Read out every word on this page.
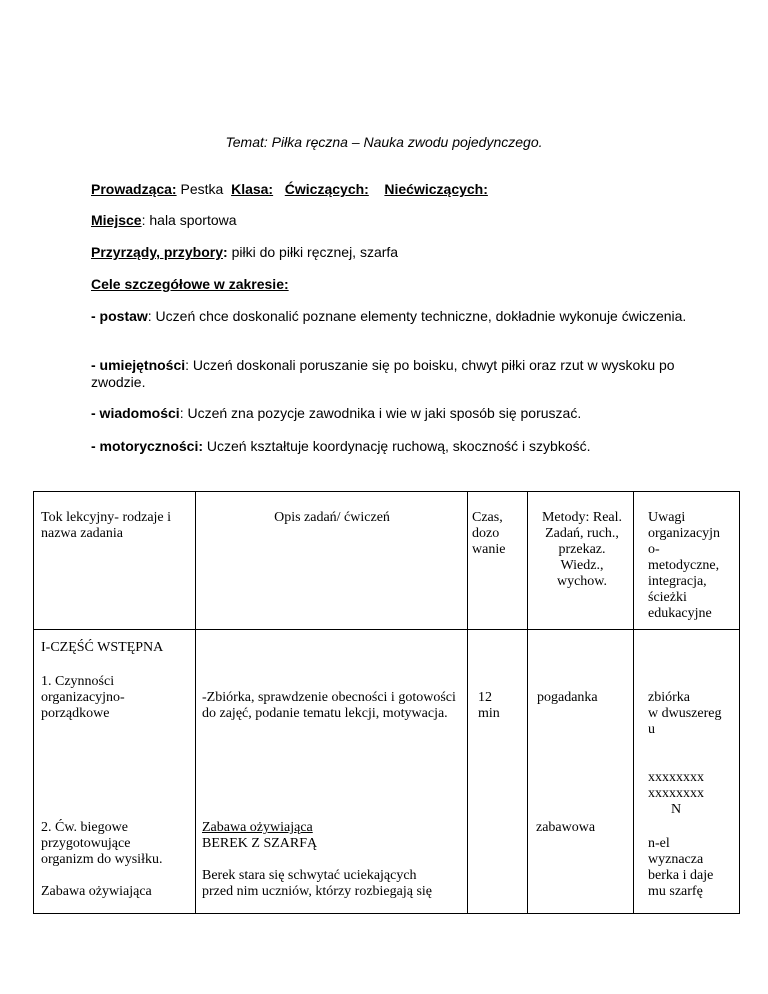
Temat: Piłka ręczna – Nauka zwodu pojedynczego.
Prowadząca: Pestka Klasa: Ćwiczących: Niećwiczących:
Miejsce: hala sportowa
Przyrządy, przybory: piłki do piłki ręcznej, szarfa
Cele szczegółowe w zakresie:
- postaw: Uczeń chce doskonalić poznane elementy techniczne, dokładnie wykonuje ćwiczenia.
- umiejętności: Uczeń doskonali poruszanie się po boisku, chwyt piłki oraz rzut w wyskoku po zwodzie.
- wiadomości: Uczeń zna pozycje zawodnika i wie w jaki sposób się poruszać.
- motoryczności: Uczeń kształtuje koordynację ruchową, skoczność i szybkość.
Tok lekcyjny- rodzaje i nazwa zadania
Opis zadań/ ćwiczeń	Czas,
dozo
wanie
Metody: Real.
Zadań, ruch.,
przekaz.
Wiedz.,
wychow.
Uwagi
organizacyjn
o-
metodyczne,
integracja,
ścieżki
edukacyjne
I-CZĘŚĆ WSTĘPNA
1. Czynności
organizacyjno-
porządkowe
-Zbiórka, sprawdzenie obecności i gotowości do zajęć, podanie tematu lekcji, motywacja.
12
min
pogadanka	zbiórka
w dwuszereg
u
xxxxxxxx
xxxxxxxx
N
2. Ćw. biegowe
przygotowujące
organizm do wysiłku.
Zabawa ożywiająca
Zabawa ożywiająca
BEREK Z SZARFĄ
Berek stara się schwytać uciekających
przed nim uczniów, którzy rozbiegają się
zabawowa
n-el
wyznacza
berka i daje
mu szarfę
